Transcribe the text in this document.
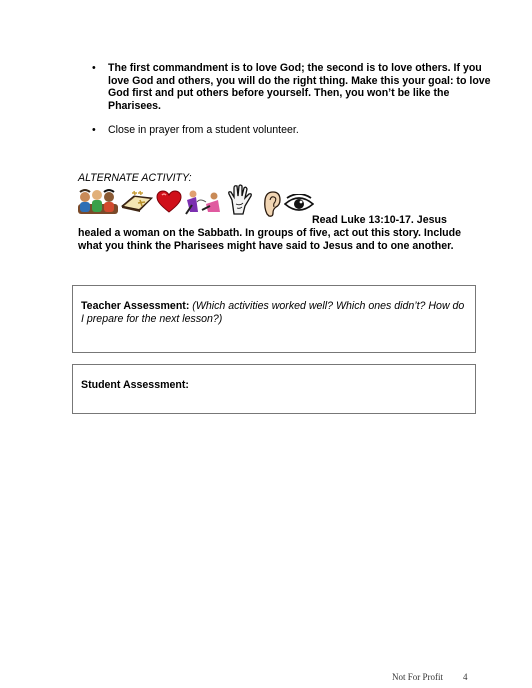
• The first commandment is to love God; the second is to love others. If you love God and others, you will do the right thing. Make this your goal: to love God first and put others before yourself. Then, you won’t be like the Pharisees.
• Close in prayer from a student volunteer.
ALTERNATE ACTIVITY:
Read Luke 13:10-17. Jesus healed a woman on the Sabbath. In groups of five, act out this story. Include what you think the Pharisees might have said to Jesus and to one another.
Teacher Assessment: (Which activities worked well? Which ones didn’t? How do I prepare for the next lesson?)
Student Assessment:
Not For Profit 4
